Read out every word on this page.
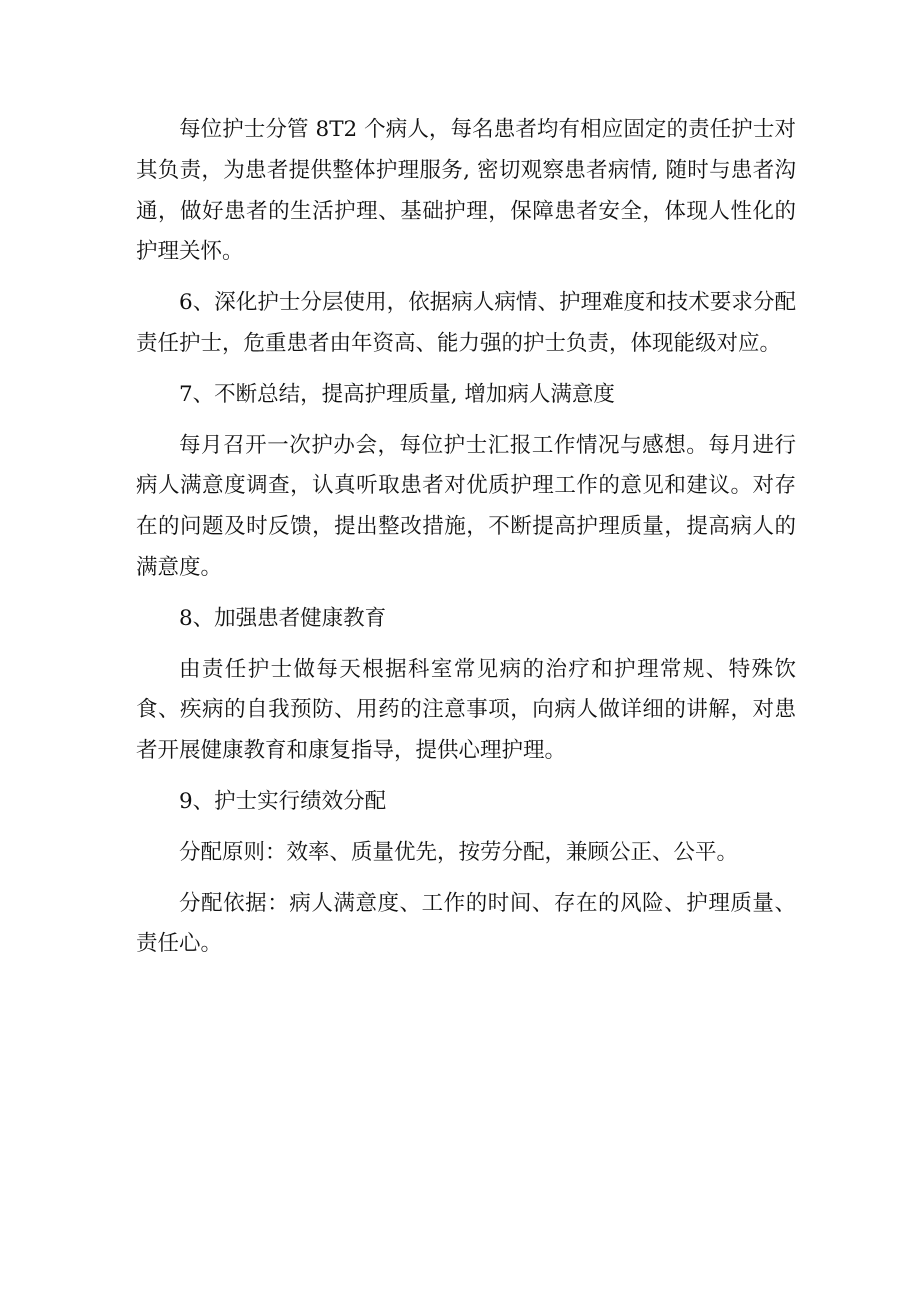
每位护士分管 8T2 个病人，每名患者均有相应固定的责任护士对其负责，为患者提供整体护理服务, 密切观察患者病情, 随时与患者沟通，做好患者的生活护理、基础护理，保障患者安全，体现人性化的护理关怀。

6、深化护士分层使用，依据病人病情、护理难度和技术要求分配责任护士，危重患者由年资高、能力强的护士负责，体现能级对应。

7、不断总结，提高护理质量, 增加病人满意度

每月召开一次护办会，每位护士汇报工作情况与感想。每月进行病人满意度调查，认真听取患者对优质护理工作的意见和建议。对存在的问题及时反馈，提出整改措施，不断提高护理质量，提高病人的满意度。

8、加强患者健康教育

由责任护士做每天根据科室常见病的治疗和护理常规、特殊饮食、疾病的自我预防、用药的注意事项，向病人做详细的讲解，对患者开展健康教育和康复指导，提供心理护理。

9、护士实行绩效分配

分配原则：效率、质量优先，按劳分配，兼顾公正、公平。

分配依据：病人满意度、工作的时间、存在的风险、护理质量、责任心。
